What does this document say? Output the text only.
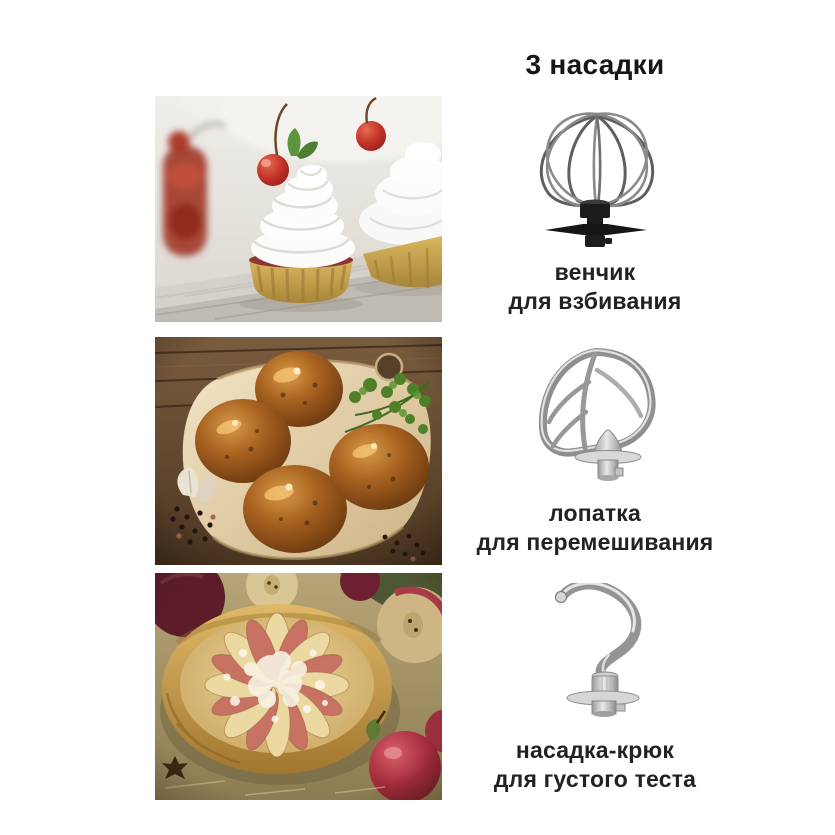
3 насадки
венчик
для взбивания
лопатка
для перемешивания
насадка-крюк
для густого теста
